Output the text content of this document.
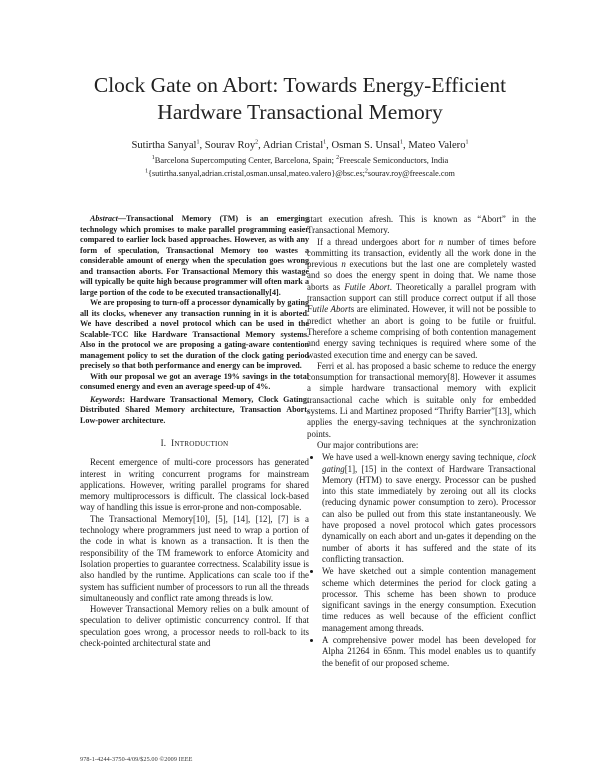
Clock Gate on Abort: Towards Energy-Efficient
Hardware Transactional Memory
Sutirtha Sanyal$^1$, Sourav Roy$^2$, Adrian Cristal$^1$, Osman S. Unsal$^1$, Mateo Valero$^1$
$^1$Barcelona Supercomputing Center, Barcelona, Spain; $^2$Freescale Semiconductors, India
$^1${sutirtha.sanyal,adrian.cristal,osman.unsal,mateo.valero}@bsc.es;$^2$sourav.roy@freescale.com

Abstract—Transactional Memory (TM) is an emerging technology which promises to make parallel programming easier compared to earlier lock based approaches. However, as with any form of speculation, Transactional Memory too wastes a considerable amount of energy when the speculation goes wrong and transaction aborts. For Transactional Memory this wastage will typically be quite high because programmer will often mark a large portion of the code to be executed transactionally[4].

We are proposing to turn-off a processor dynamically by gating all its clocks, whenever any transaction running in it is aborted. We have described a novel protocol which can be used in the Scalable-TCC like Hardware Transactional Memory systems. Also in the protocol we are proposing a gating-aware contention management policy to set the duration of the clock gating period precisely so that both performance and energy can be improved.

With our proposal we got an average 19% savings in the total consumed energy and even an average speed-up of 4%.

Keywords: Hardware Transactional Memory, Clock Gating, Distributed Shared Memory architecture, Transaction Abort, Low-power architecture.

I. INTRODUCTION

Recent emergence of multi-core processors has generated interest in writing concurrent programs for mainstream applications. However, writing parallel programs for shared memory multiprocessors is difficult. The classical lock-based way of handling this issue is error-prone and non-composable.

The Transactional Memory[10], [5], [14], [12], [7] is a technology where programmers just need to wrap a portion of the code in what is known as a transaction. It is then the responsibility of the TM framework to enforce Atomicity and Isolation properties to guarantee correctness. Scalability issue is also handled by the runtime. Applications can scale too if the system has sufficient number of processors to run all the threads simultaneously and conflict rate among threads is low.

However Transactional Memory relies on a bulk amount of speculation to deliver optimistic concurrency control. If that speculation goes wrong, a processor needs to roll-back to its check-pointed architectural state and

start execution afresh. This is known as “Abort” in the Transactional Memory.

If a thread undergoes abort for n number of times before committing its transaction, evidently all the work done in the previous n executions but the last one are completely wasted and so does the energy spent in doing that. We name those aborts as Futile Abort. Theoretically a parallel program with transaction support can still produce correct output if all those Futile Aborts are eliminated. However, it will not be possible to predict whether an abort is going to be futile or fruitful. Therefore a scheme comprising of both contention management and energy saving techniques is required where some of the wasted execution time and energy can be saved.

Ferri et al. has proposed a basic scheme to reduce the energy consumption for transactional memory[8]. However it assumes a simple hardware transactional memory with explicit transactional cache which is suitable only for embedded systems. Li and Martinez proposed “Thrifty Barrier”[13], which applies the energy-saving techniques at the synchronization points.

Our major contributions are:

• We have used a well-known energy saving technique, clock gating[1], [15] in the context of Hardware Transactional Memory (HTM) to save energy. Processor can be pushed into this state immediately by zeroing out all its clocks (reducing dynamic power consumption to zero). Processor can also be pulled out from this state instantaneously. We have proposed a novel protocol which gates processors dynamically on each abort and un-gates it depending on the number of aborts it has suffered and the state of its conflicting transaction.
• We have sketched out a simple contention management scheme which determines the period for clock gating a processor. This scheme has been shown to produce significant savings in the energy consumption. Execution time reduces as well because of the efficient conflict management among threads.
• A comprehensive power model has been developed for Alpha 21264 in 65nm. This model enables us to quantify the benefit of our proposed scheme.
978-1-4244-3750-4/09/$25.00 ©2009 IEEE
